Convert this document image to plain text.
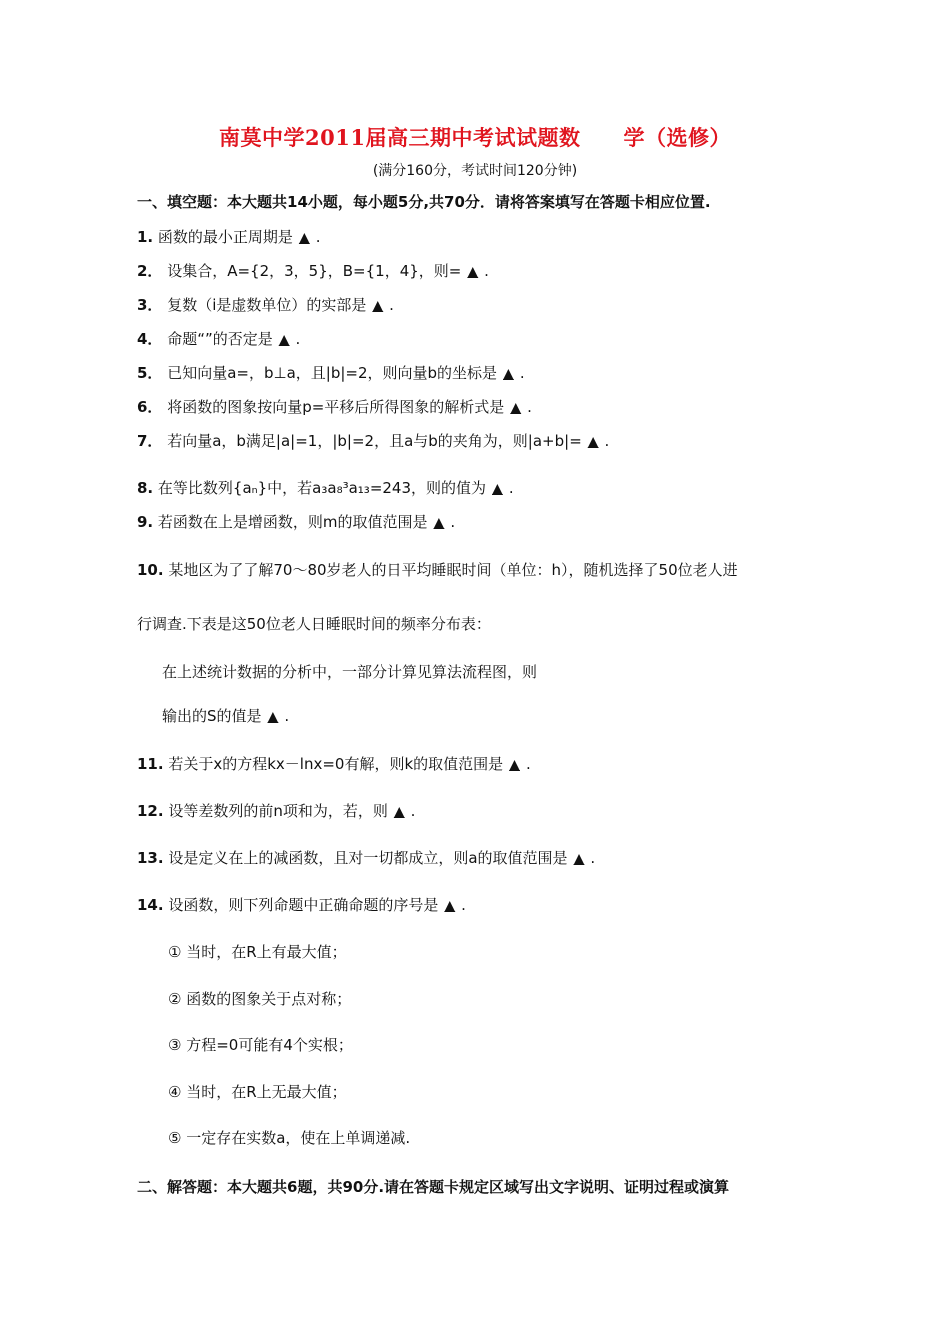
南莫中学2011届高三期中考试试题数　　学（选修）
(满分160分，考试时间120分钟)
一、填空题：本大题共14小题，每小题5分,共70分．请将答案填写在答题卡相应位置.
1. 函数的最小正周期是 ▲ .
2． 设集合，A={2，3，5}，B={1，4}，则= ▲ .
3． 复数（i是虚数单位）的实部是 ▲ .
4． 命题“”的否定是 ▲ .
5． 已知向量a=，b⊥a，且|b|=2，则向量b的坐标是 ▲ .
6． 将函数的图象按向量p=平移后所得图象的解析式是 ▲ .
7． 若向量a，b满足|a|=1，|b|=2，且a与b的夹角为，则|a+b|= ▲ .
8. 在等比数列{aₙ}中，若a₃a₈³a₁₃=243，则的值为 ▲ .
9. 若函数在上是增函数，则m的取值范围是 ▲ .
10. 某地区为了了解70～80岁老人的日平均睡眠时间（单位：h），随机选择了50位老人进
行调查.下表是这50位老人日睡眠时间的频率分布表：
在上述统计数据的分析中，一部分计算见算法流程图，则
输出的S的值是 ▲ .
11. 若关于x的方程kx－lnx=0有解，则k的取值范围是 ▲ .
12. 设等差数列的前n项和为，若，则 ▲ .
13. 设是定义在上的减函数，且对一切都成立，则a的取值范围是 ▲ .
14. 设函数，则下列命题中正确命题的序号是 ▲ .
① 当时，在R上有最大值；
② 函数的图象关于点对称；
③ 方程=0可能有4个实根；
④ 当时，在R上无最大值；
⑤ 一定存在实数a，使在上单调递减.
二、解答题：本大题共6题，共90分.请在答题卡规定区域写出文字说明、证明过程或演算
